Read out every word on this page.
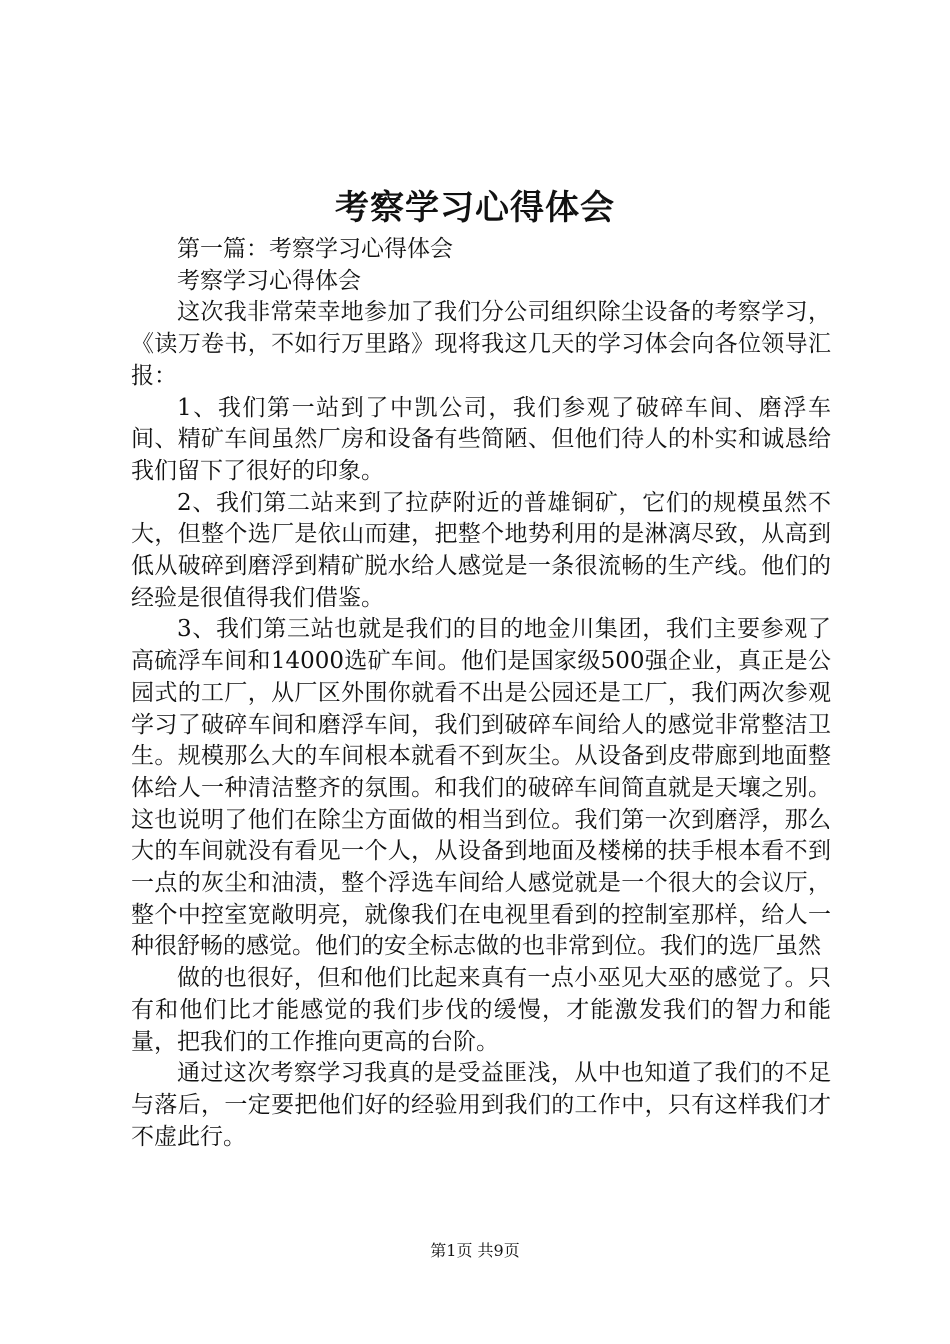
考察学习心得体会

第一篇：考察学习心得体会

考察学习心得体会

这次我非常荣幸地参加了我们分公司组织除尘设备的考察学习，《读万卷书，不如行万里路》现将我这几天的学习体会向各位领导汇报：

1、我们第一站到了中凯公司，我们参观了破碎车间、磨浮车间、精矿车间虽然厂房和设备有些简陋、但他们待人的朴实和诚恳给我们留下了很好的印象。

2、我们第二站来到了拉萨附近的普雄铜矿，它们的规模虽然不大，但整个选厂是依山而建，把整个地势利用的是淋漓尽致，从高到低从破碎到磨浮到精矿脱水给人感觉是一条很流畅的生产线。他们的经验是很值得我们借鉴。

3、我们第三站也就是我们的目的地金川集团，我们主要参观了高硫浮车间和14000选矿车间。他们是国家级500强企业，真正是公园式的工厂，从厂区外围你就看不出是公园还是工厂，我们两次参观学习了破碎车间和磨浮车间，我们到破碎车间给人的感觉非常整洁卫生。规模那么大的车间根本就看不到灰尘。从设备到皮带廊到地面整体给人一种清洁整齐的氛围。和我们的破碎车间简直就是天壤之别。这也说明了他们在除尘方面做的相当到位。我们第一次到磨浮，那么大的车间就没有看见一个人，从设备到地面及楼梯的扶手根本看不到一点的灰尘和油渍，整个浮选车间给人感觉就是一个很大的会议厅，整个中控室宽敞明亮，就像我们在电视里看到的控制室那样，给人一种很舒畅的感觉。他们的安全标志做的也非常到位。我们的选厂虽然

做的也很好，但和他们比起来真有一点小巫见大巫的感觉了。只有和他们比才能感觉的我们步伐的缓慢，才能激发我们的智力和能量，把我们的工作推向更高的台阶。

通过这次考察学习我真的是受益匪浅，从中也知道了我们的不足与落后，一定要把他们好的经验用到我们的工作中，只有这样我们才不虚此行。

第1页 共9页
